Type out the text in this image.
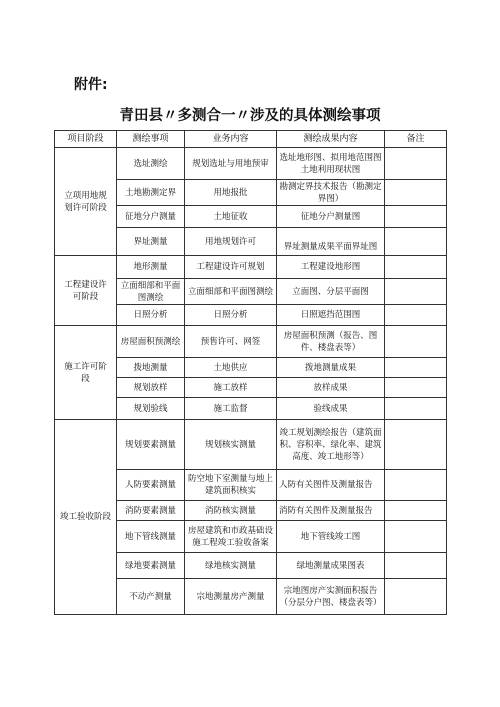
附件:
青田县〃多测合一〃涉及的具体测绘事项
项目阶段	测绘事项	业务内容	测绘成果内容	备注
立项用地规划许可阶段	选址测绘	规划选址与用地预审	选址地形图、拟用地范围图土地利用现状图	
	土地勘测定界	用地报批	勘测定界技术报告（勘测定界图）	
	征地分户测量	土地征收	征地分户测量图	
	界址测量	用地规划许可	界址测量成果平面界址图	
工程建设许可阶段	地形测量	工程建设许可规划	工程建设地形图	
	立面细部和平面图测绘	立面细部和平面图测绘	立面图、分层平面图	
	日照分析	日照分析	日照遮挡范围图	
施工许可阶段	房屋面积预测绘	预售许可、网签	房屋面积预测（报告、图件、楼盘表等）	
	拨地测量	土地供应	拨地测量成果	
	规划放样	施工放样	放样成果	
	规划验线	施工监督	验线成果	
竣工验收阶段	规划要素测量	规划核实测量	竣工规划测绘报告（建筑面积、容积率、绿化率、建筑高度、竣工地形等）	
	人防要素测量	防空地下室测量与地上建筑面积核实	人防有关图件及测量报告	
	消防要素测量	消防核实测量	消防有关图件及测量报告	
	地下管线测量	房屋建筑和市政基础设施工程竣工验收备案	地下管线竣工图	
	绿地要素测量	绿地核实测量	绿地测量成果图表	
	不动产测量	宗地测量房产测量	宗地图房产实测面积报告（分层分户图、楼盘表等）	
